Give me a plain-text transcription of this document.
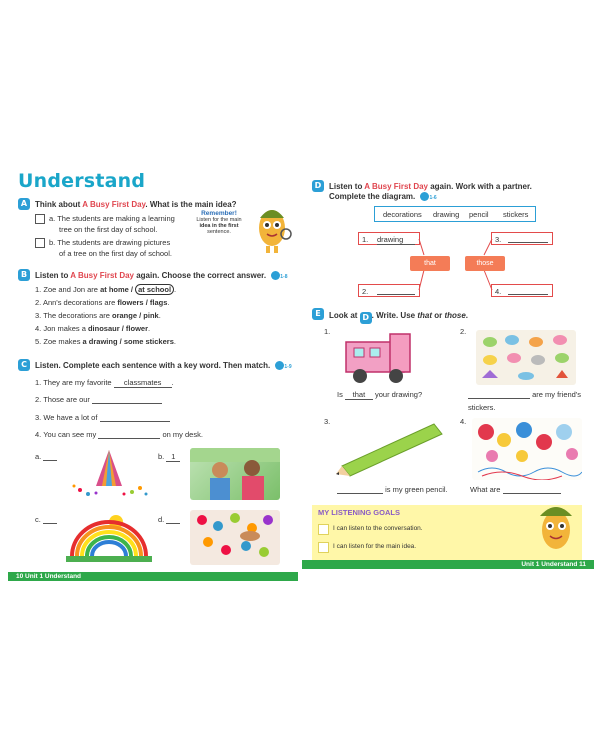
Understand
A Think about A Busy First Day. What is the main idea?
a. The students are making a learning
tree on the first day of school.
b. The students are drawing pictures
of a tree on the first day of school.
Remember!
Listen for the main
idea in the first
sentence.
B Listen to A Busy First Day again. Choose the correct answer.	1-8
1. Zoe and Jon are at home / at school .
2. Ann's decorations are flowers / flags.
3. The decorations are orange / pink.
4. Jon makes a dinosaur / flower.
5. Zoe makes a drawing / some stickers.
C	Listen. Complete each sentence with a key word. Then match.	1-9
1. They are my favorite classmates .
2. Those are our
3. We have a lot of
4. You can see my	on my desk.
a.	b. 1
c.	d.
10 Unit 1 Understand
D Listen to A Busy First Day again. Work with a partner.
Complete the diagram.	1-6
decorations drawing pencil stickers
1. drawing
2.
3.
4.
that	those
E	Look at D . Write. Use that or those.
1.
Is that your drawing?
2.
are my friend's
stickers.
3.
is my green pencil.
4.
What are
MY LISTENING GOALS
I can listen to the conversation.
I can listen for the main idea.
Unit 1 Understand 11
